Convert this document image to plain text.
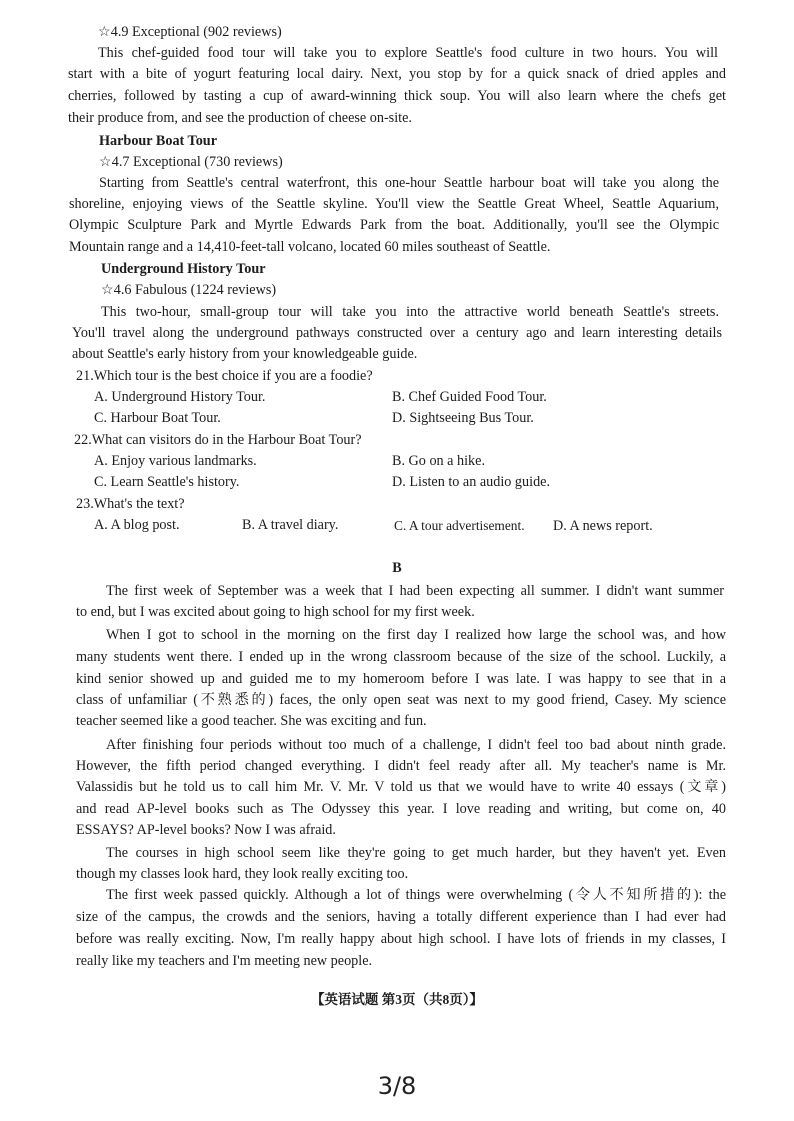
☆4.9 Exceptional (902 reviews)
This chef-guided food tour will take you to explore Seattle's food culture in two hours. You will
start with a bite of yogurt featuring local dairy. Next, you stop by for a quick snack of dried apples and
cherries, followed by tasting a cup of award-winning thick soup. You will also learn where the chefs get
their produce from, and see the production of cheese on-site.
Harbour Boat Tour
☆4.7 Exceptional (730 reviews)
Starting from Seattle's central waterfront, this one-hour Seattle harbour boat will take you along the
shoreline, enjoying views of the Seattle skyline. You'll view the Seattle Great Wheel, Seattle Aquarium,
Olympic Sculpture Park and Myrtle Edwards Park from the boat. Additionally, you'll see the Olympic
Mountain range and a 14,410-feet-tall volcano, located 60 miles southeast of Seattle.
Underground History Tour
☆4.6 Fabulous (1224 reviews)
This two-hour, small-group tour will take you into the attractive world beneath Seattle's streets.
You'll travel along the underground pathways constructed over a century ago and learn interesting details
about Seattle's early history from your knowledgeable guide.
21.Which tour is the best choice if you are a foodie?
A. Underground History Tour.	B. Chef Guided Food Tour.
C. Harbour Boat Tour.	D. Sightseeing Bus Tour.
22.What can visitors do in the Harbour Boat Tour?
A. Enjoy various landmarks.	B. Go on a hike.
C. Learn Seattle's history.	D. Listen to an audio guide.
23.What's the text?
A. A blog post.	B. A travel diary.	C. A tour advertisement. D. A news report.
B
The first week of September was a week that I had been expecting all summer. I didn't want summer
to end, but I was excited about going to high school for my first week.
When I got to school in the morning on the first day I realized how large the school was, and how
many students went there. I ended up in the wrong classroom because of the size of the school. Luckily, a
kind senior showed up and guided me to my homeroom before I was late. I was happy to see that in a
class of unfamiliar (不熟悉的) faces, the only open seat was next to my good friend, Casey. My science
teacher seemed like a good teacher. She was exciting and fun.
After finishing four periods without too much of a challenge, I didn't feel too bad about ninth grade.
However, the fifth period changed everything. I didn't feel ready after all. My teacher's name is Mr.
Valassidis but he told us to call him Mr. V. Mr. V told us that we would have to write 40 essays (文章)
and read AP-level books such as The Odyssey this year. I love reading and writing, but come on, 40
ESSAYS? AP-level books? Now I was afraid.
The courses in high school seem like they're going to get much harder, but they haven't yet. Even
though my classes look hard, they look really exciting too.
The first week passed quickly. Although a lot of things were overwhelming (令人不知所措的): the
size of the campus, the crowds and the seniors, having a totally different experience than I had ever had
before was really exciting. Now, I'm really happy about high school. I have lots of friends in my classes, I
really like my teachers and I'm meeting new people.
【英语试题 第3页（共8页）】
3/8
